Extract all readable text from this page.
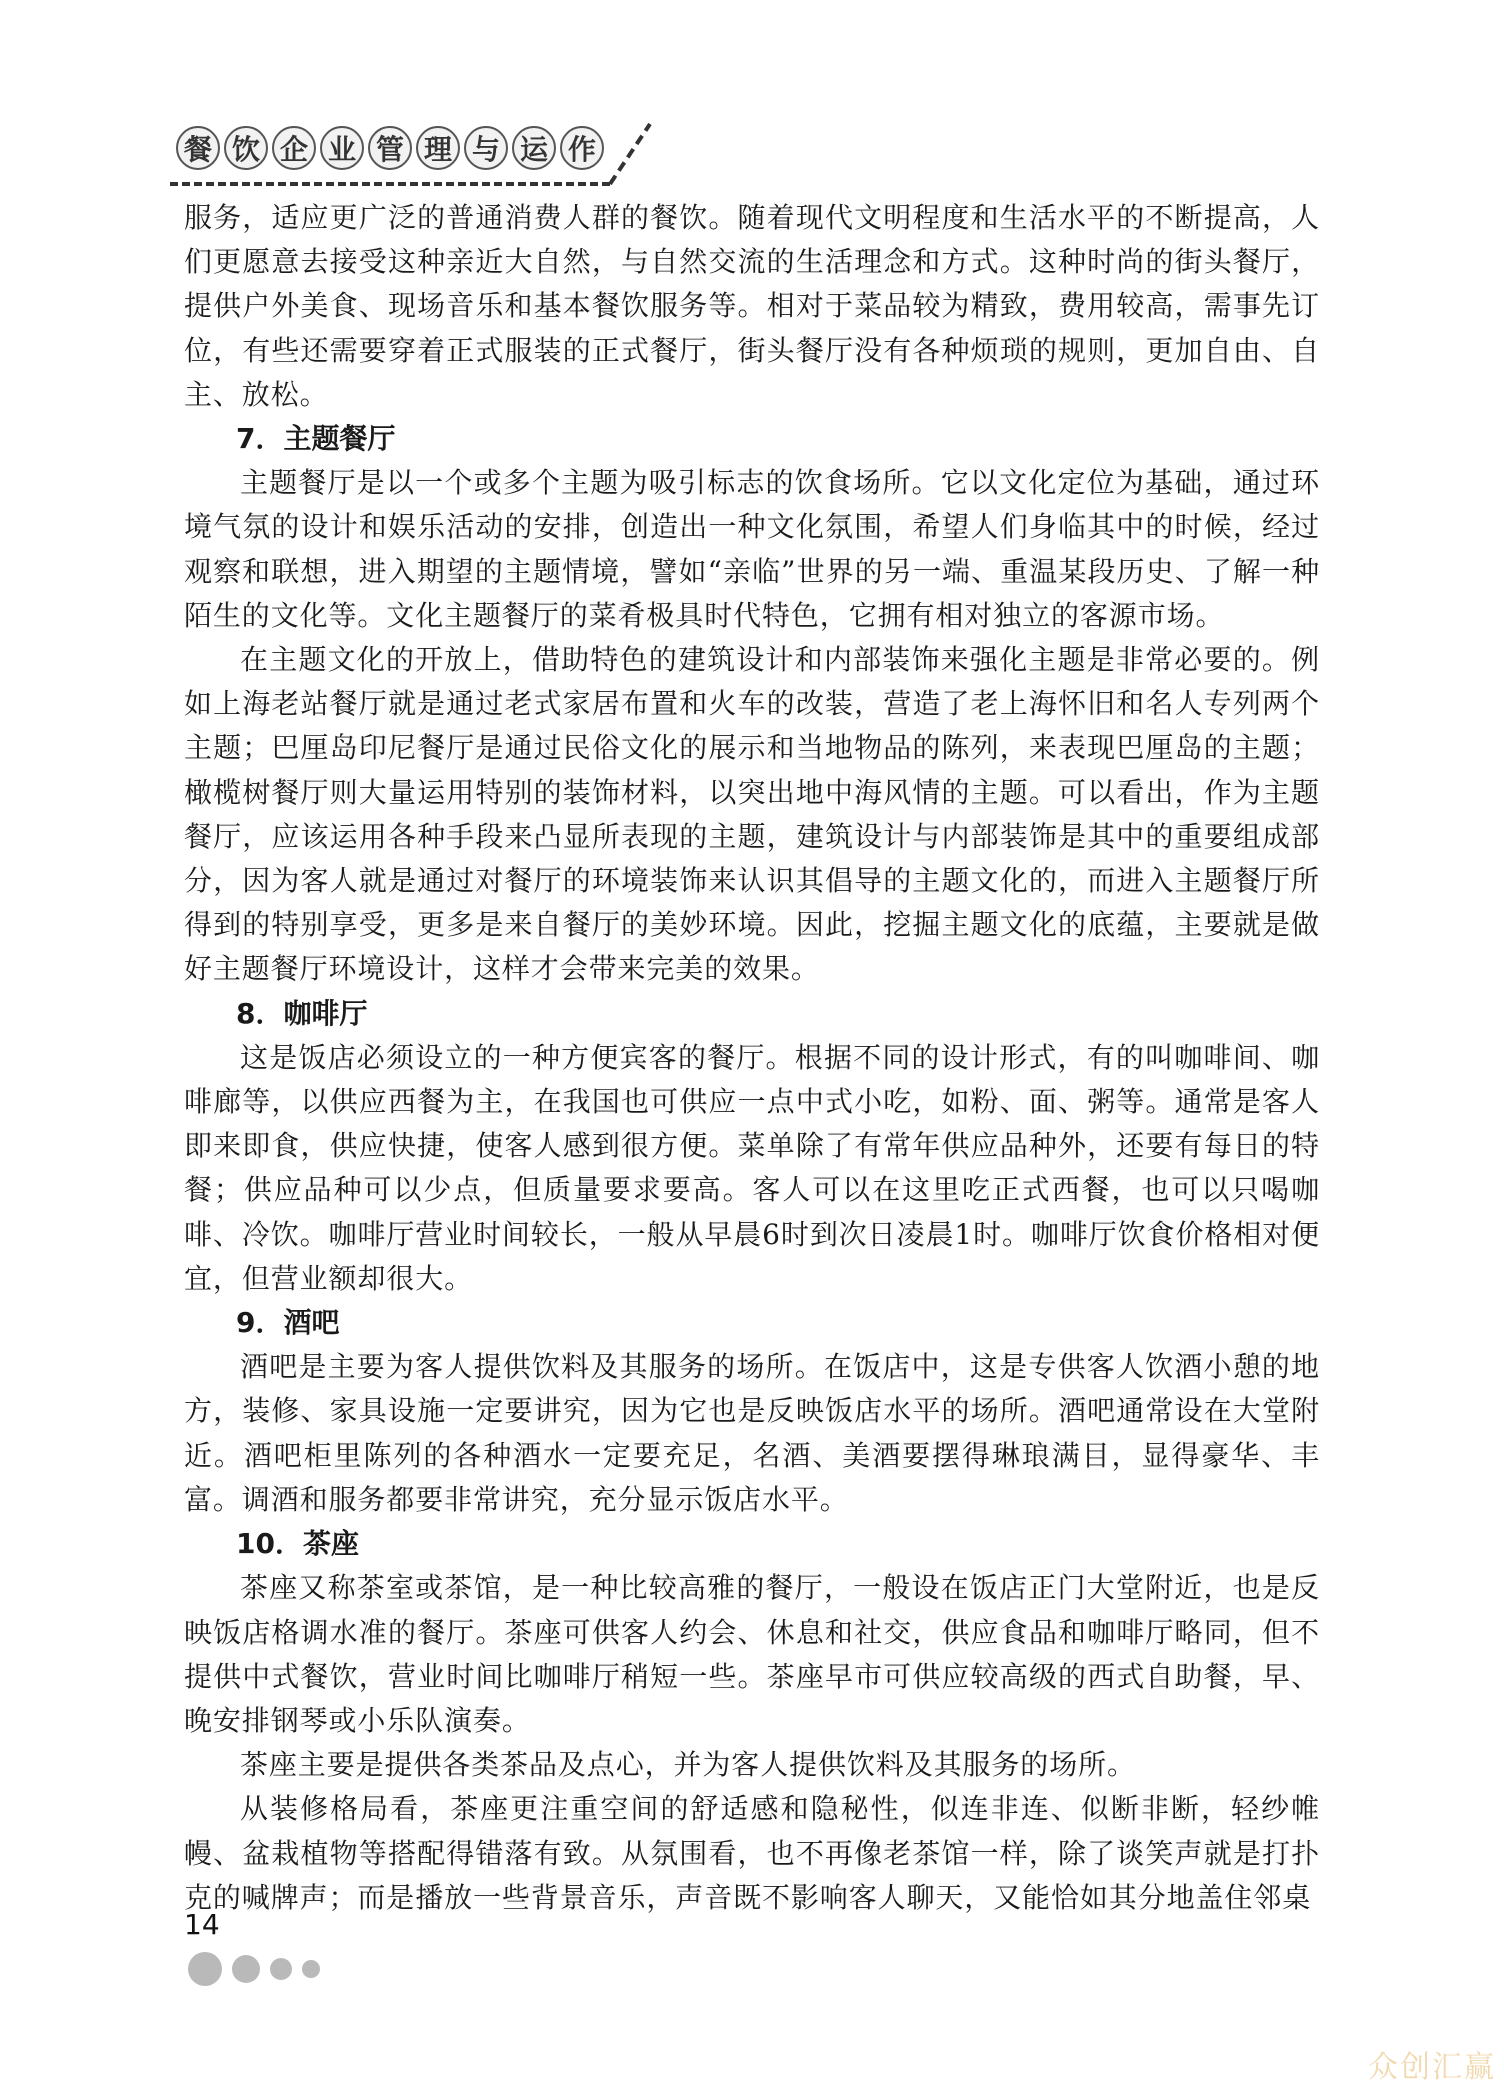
餐 饮 企 业 管 理 与 运 作

服务，适应更广泛的普通消费人群的餐饮。随着现代文明程度和生活水平的不断提高，人们更愿意去接受这种亲近大自然，与自然交流的生活理念和方式。这种时尚的街头餐厅，提供户外美食、现场音乐和基本餐饮服务等。相对于菜品较为精致，费用较高，需事先订位，有些还需要穿着正式服装的正式餐厅，街头餐厅没有各种烦琐的规则，更加自由、自主、放松。

7．主题餐厅

主题餐厅是以一个或多个主题为吸引标志的饮食场所。它以文化定位为基础，通过环境气氛的设计和娱乐活动的安排，创造出一种文化氛围，希望人们身临其中的时候，经过观察和联想，进入期望的主题情境，譬如“亲临”世界的另一端、重温某段历史、了解一种陌生的文化等。文化主题餐厅的菜肴极具时代特色，它拥有相对独立的客源市场。

在主题文化的开放上，借助特色的建筑设计和内部装饰来强化主题是非常必要的。例如上海老站餐厅就是通过老式家居布置和火车的改装，营造了老上海怀旧和名人专列两个主题；巴厘岛印尼餐厅是通过民俗文化的展示和当地物品的陈列，来表现巴厘岛的主题；橄榄树餐厅则大量运用特别的装饰材料，以突出地中海风情的主题。可以看出，作为主题餐厅，应该运用各种手段来凸显所表现的主题，建筑设计与内部装饰是其中的重要组成部分，因为客人就是通过对餐厅的环境装饰来认识其倡导的主题文化的，而进入主题餐厅所得到的特别享受，更多是来自餐厅的美妙环境。因此，挖掘主题文化的底蕴，主要就是做好主题餐厅环境设计，这样才会带来完美的效果。

8．咖啡厅

这是饭店必须设立的一种方便宾客的餐厅。根据不同的设计形式，有的叫咖啡间、咖啡廊等，以供应西餐为主，在我国也可供应一点中式小吃，如粉、面、粥等。通常是客人即来即食，供应快捷，使客人感到很方便。菜单除了有常年供应品种外，还要有每日的特餐；供应品种可以少点，但质量要求要高。客人可以在这里吃正式西餐，也可以只喝咖啡、冷饮。咖啡厅营业时间较长，一般从早晨6时到次日凌晨1时。咖啡厅饮食价格相对便宜，但营业额却很大。

9．酒吧

酒吧是主要为客人提供饮料及其服务的场所。在饭店中，这是专供客人饮酒小憩的地方，装修、家具设施一定要讲究，因为它也是反映饭店水平的场所。酒吧通常设在大堂附近。酒吧柜里陈列的各种酒水一定要充足，名酒、美酒要摆得琳琅满目，显得豪华、丰富。调酒和服务都要非常讲究，充分显示饭店水平。

10．茶座

茶座又称茶室或茶馆，是一种比较高雅的餐厅，一般设在饭店正门大堂附近，也是反映饭店格调水准的餐厅。茶座可供客人约会、休息和社交，供应食品和咖啡厅略同，但不提供中式餐饮，营业时间比咖啡厅稍短一些。茶座早市可供应较高级的西式自助餐，早、晚安排钢琴或小乐队演奏。

茶座主要是提供各类茶品及点心，并为客人提供饮料及其服务的场所。

从装修格局看，茶座更注重空间的舒适感和隐秘性，似连非连、似断非断，轻纱帷幔、盆栽植物等搭配得错落有致。从氛围看，也不再像老茶馆一样，除了谈笑声就是打扑克的喊牌声；而是播放一些背景音乐，声音既不影响客人聊天，又能恰如其分地盖住邻桌

14
众创汇赢
